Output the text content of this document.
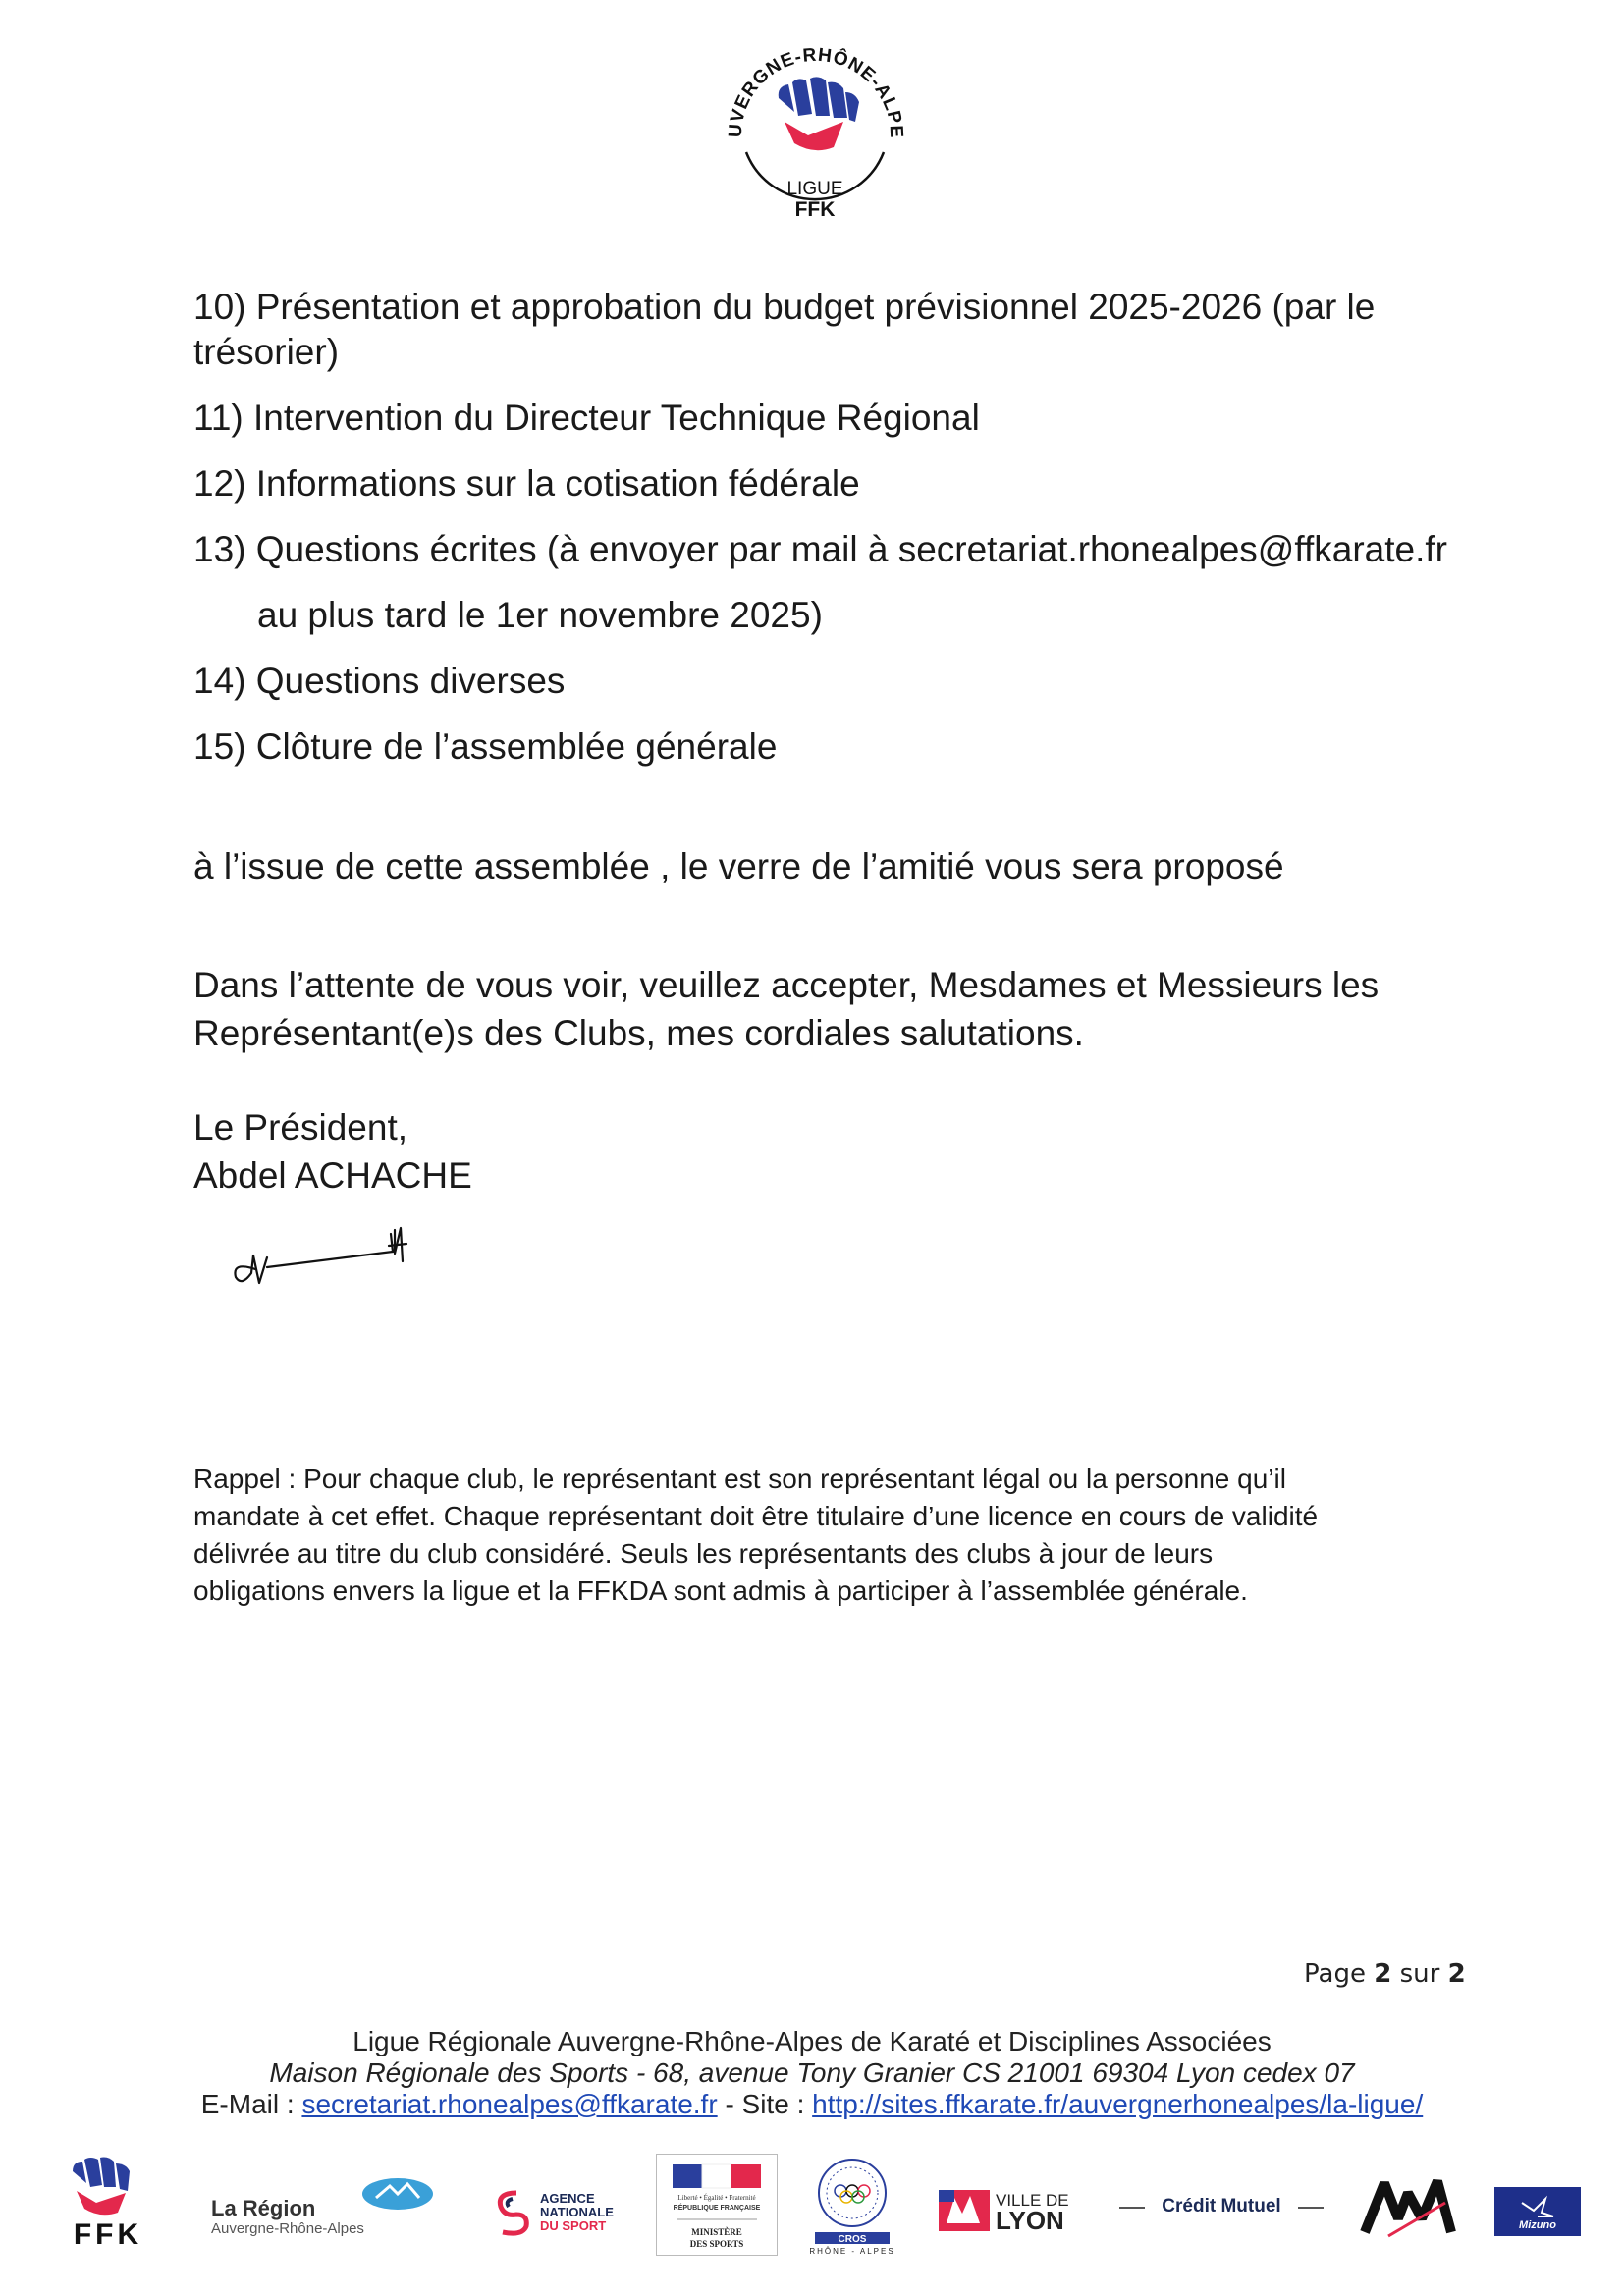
UVERGNE-RHÔNE-ALPE
LIGUE
FFK
10) Présentation et approbation du budget prévisionnel 2025-2026 (par le
trésorier)
11) Intervention du Directeur Technique Régional
12) Informations sur la cotisation fédérale
13) Questions écrites (à envoyer par mail à secretariat.rhonealpes@ffkarate.fr
au plus tard le 1er novembre 2025)
14) Questions diverses
15) Clôture de l’assemblée générale
à l’issue de cette assemblée , le verre de l’amitié vous sera proposé
Dans l’attente de vous voir, veuillez accepter, Mesdames et Messieurs les
Représentant(e)s des Clubs, mes cordiales salutations.
Le Président,
Abdel ACHACHE
Rappel : Pour chaque club, le représentant est son représentant légal ou la personne qu’il
mandate à cet effet. Chaque représentant doit être titulaire d’une licence en cours de validité
délivrée au titre du club considéré. Seuls les représentants des clubs à jour de leurs
obligations envers la ligue et la FFKDA sont admis à participer à l’assemblée générale.
Page 2 sur 2
Ligue Régionale Auvergne-Rhône-Alpes de Karaté et Disciplines Associées
Maison Régionale des Sports - 68, avenue Tony Granier CS 21001 69304 Lyon cedex 07
E-Mail : secretariat.rhonealpes@ffkarate.fr - Site : http://sites.ffkarate.fr/auvergnerhonealpes/la-ligue/
FFK
La Région
Auvergne-Rhône-Alpes
AGENCE
NATIONALE
DU SPORT
Liberté • Égalité • Fraternité
RÉPUBLIQUE FRANÇAISE
MINISTÈRE
DES SPORTS	CROS
RHÔNE - ALPES
VILLE DE
LYON	Crédit Mutuel
Mizuno
